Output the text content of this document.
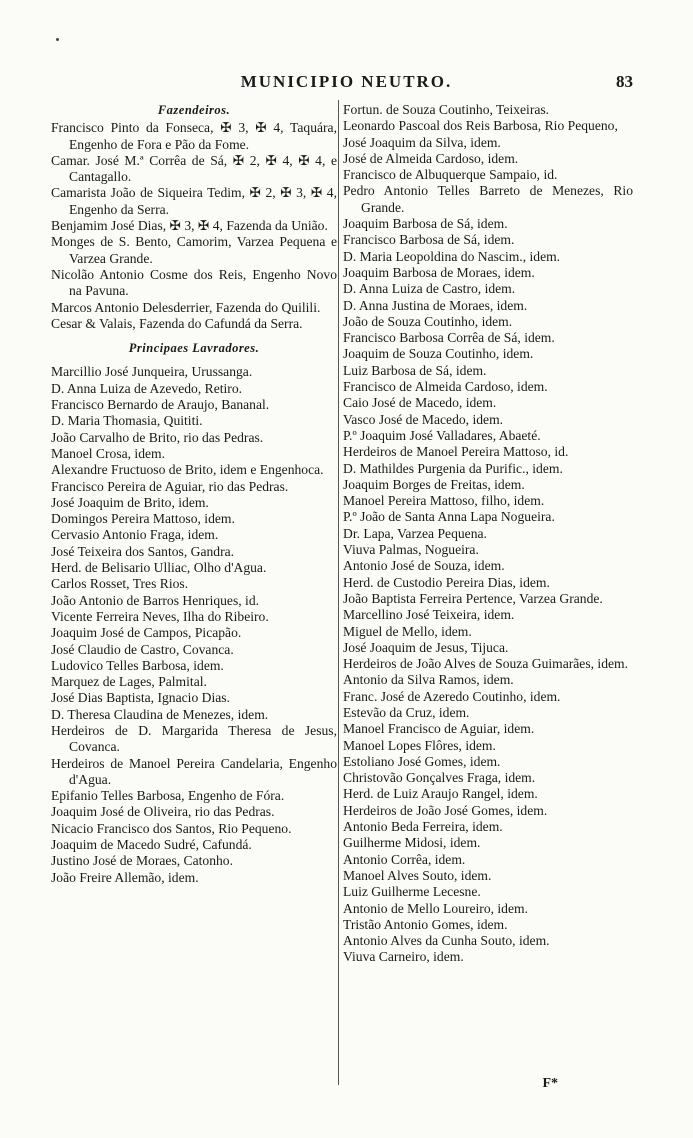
MUNICIPIO NEUTRO.	83

Fazendeiros.

Francisco Pinto da Fonseca, ✠ 3, ✠ 4, Taquára, Engenho de Fora e Pão da Fome.

Camar. José M.ª Corrêa de Sá, ✠ 2, ✠ 4, ✠ 4, e Cantagallo.

Camarista João de Siqueira Tedim, ✠ 2, ✠ 3, ✠ 4, Engenho da Serra.

Benjamim José Dias, ✠ 3, ✠ 4, Fazenda da União.

Monges de S. Bento, Camorim, Varzea Pequena e Varzea Grande.

Nicolão Antonio Cosme dos Reis, Engenho Novo na Pavuna.

Marcos Antonio Delesderrier, Fazenda do Quilili.

Cesar & Valais, Fazenda do Cafundá da Serra.

Principaes Lavradores.

Marcillio José Junqueira, Urussanga.

D. Anna Luiza de Azevedo, Retiro.

Francisco Bernardo de Araujo, Bananal.

D. Maria Thomasia, Quititi.

João Carvalho de Brito, rio das Pedras.

Manoel Crosa, idem.

Alexandre Fructuoso de Brito, idem e Engenhoca.

Francisco Pereira de Aguiar, rio das Pedras.

José Joaquim de Brito, idem.

Domingos Pereira Mattoso, idem.

Cervasio Antonio Fraga, idem.

José Teixeira dos Santos, Gandra.

Herd. de Belisario Ulliac, Olho d'Agua.

Carlos Rosset, Tres Rios.

João Antonio de Barros Henriques, id.

Vicente Ferreira Neves, Ilha do Ribeiro.

Joaquim José de Campos, Picapão.

José Claudio de Castro, Covanca.

Ludovico Telles Barbosa, idem.

Marquez de Lages, Palmital.

José Dias Baptista, Ignacio Dias.

D. Theresa Claudina de Menezes, idem.

Herdeiros de D. Margarida Theresa de Jesus, Covanca.

Herdeiros de Manoel Pereira Candelaria, Engenho d'Agua.

Epifanio Telles Barbosa, Engenho de Fóra.

Joaquim José de Oliveira, rio das Pedras.

Nicacio Francisco dos Santos, Rio Pequeno.

Joaquim de Macedo Sudré, Cafundá.

Justino José de Moraes, Catonho.

João Freire Allemão, idem.

Fortun. de Souza Coutinho, Teixeiras.

Leonardo Pascoal dos Reis Barbosa, Rio Pequeno,

José Joaquim da Silva, idem.

José de Almeida Cardoso, idem.

Francisco de Albuquerque Sampaio, id.

Pedro Antonio Telles Barreto de Menezes, Rio Grande.

Joaquim Barbosa de Sá, idem.

Francisco Barbosa de Sá, idem.

D. Maria Leopoldina do Nascim., idem.

Joaquim Barbosa de Moraes, idem.

D. Anna Luiza de Castro, idem.

D. Anna Justina de Moraes, idem.

João de Souza Coutinho, idem.

Francisco Barbosa Corrêa de Sá, idem.

Joaquim de Souza Coutinho, idem.

Luiz Barbosa de Sá, idem.

Francisco de Almeida Cardoso, idem.

Caio José de Macedo, idem.

Vasco José de Macedo, idem.

P.º Joaquim José Valladares, Abaeté.

Herdeiros de Manoel Pereira Mattoso, id.

D. Mathildes Purgenia da Purific., idem.

Joaquim Borges de Freitas, idem.

Manoel Pereira Mattoso, filho, idem.

P.º João de Santa Anna Lapa Nogueira.

Dr. Lapa, Varzea Pequena.

Viuva Palmas, Nogueira.

Antonio José de Souza, idem.

Herd. de Custodio Pereira Dias, idem.

João Baptista Ferreira Pertence, Varzea Grande.

Marcellino José Teixeira, idem.

Miguel de Mello, idem.

José Joaquim de Jesus, Tijuca.

Herdeiros de João Alves de Souza Guimarães, idem.

Antonio da Silva Ramos, idem.

Franc. José de Azeredo Coutinho, idem.

Estevão da Cruz, idem.

Manoel Francisco de Aguiar, idem.

Manoel Lopes Flôres, idem.

Estoliano José Gomes, idem.

Christovão Gonçalves Fraga, idem.

Herd. de Luiz Araujo Rangel, idem.

Herdeiros de João José Gomes, idem.

Antonio Beda Ferreira, idem.

Guilherme Midosi, idem.

Antonio Corrêa, idem.

Manoel Alves Souto, idem.

Luiz Guilherme Lecesne.

Antonio de Mello Loureiro, idem.

Tristão Antonio Gomes, idem.

Antonio Alves da Cunha Souto, idem.

Viuva Carneiro, idem.

F*
